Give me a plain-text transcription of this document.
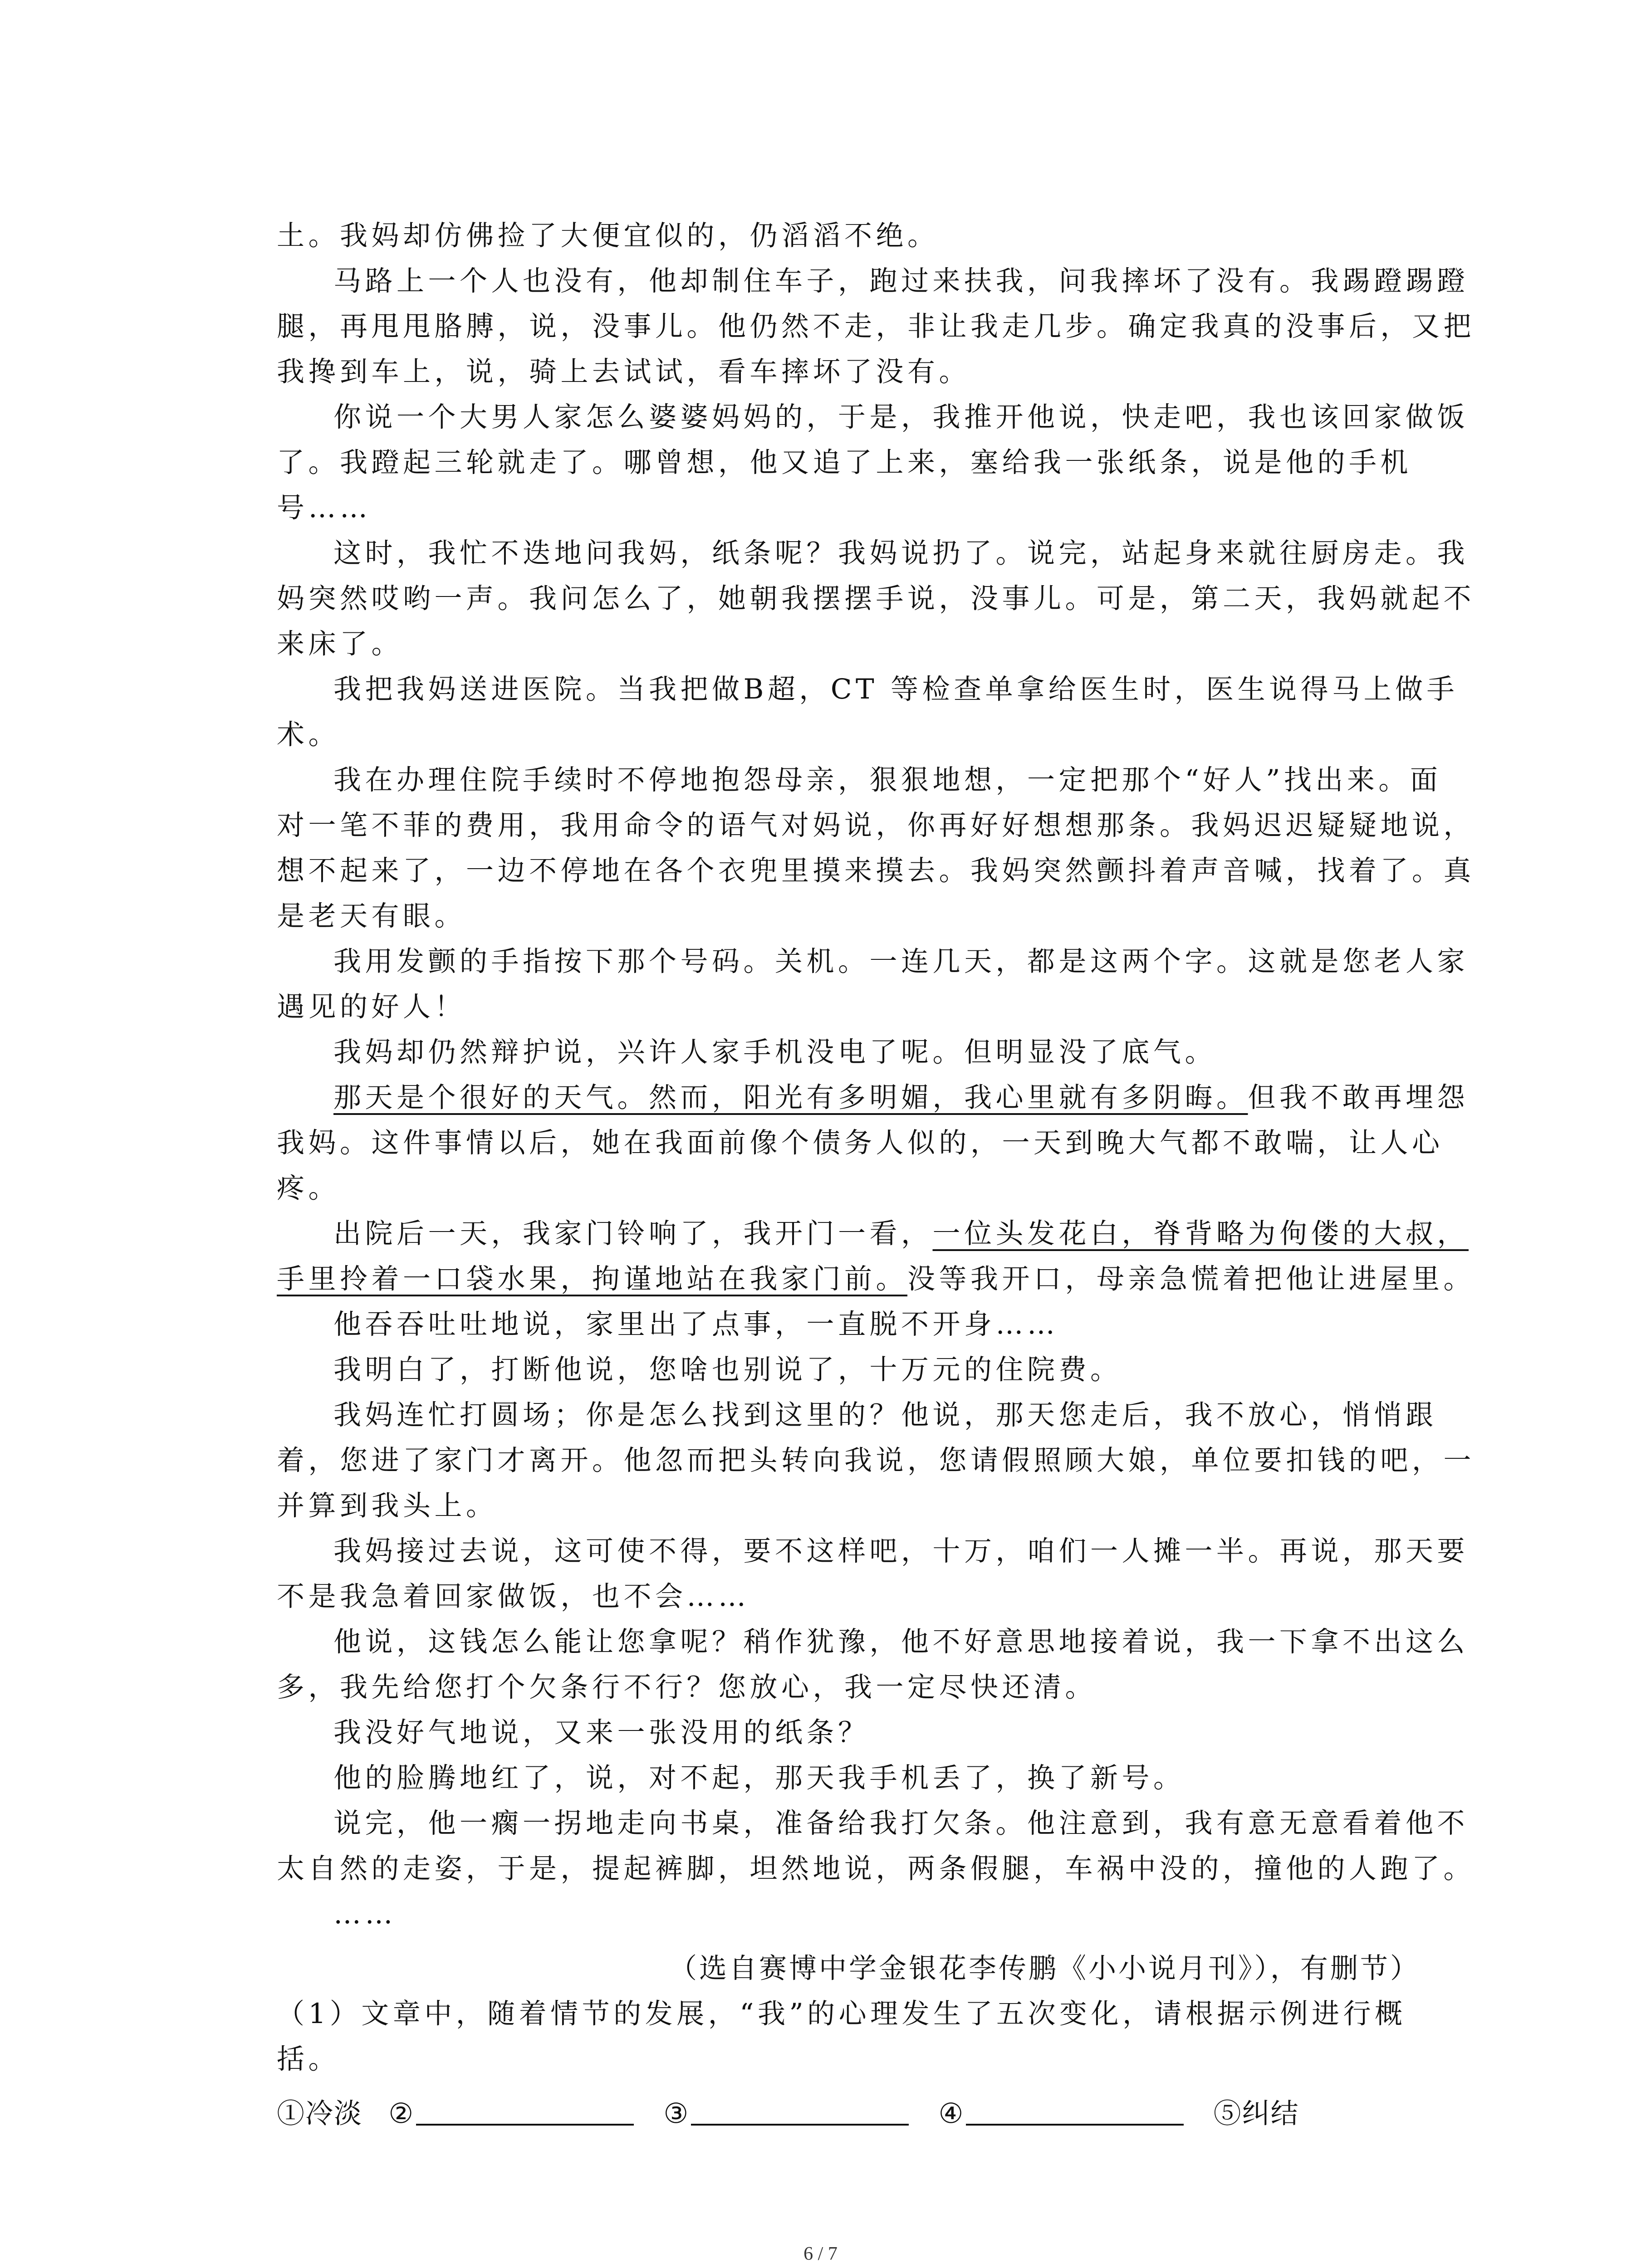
土。我妈却仿佛捡了大便宜似的，仍滔滔不绝。
马路上一个人也没有，他却制住车子，跑过来扶我，问我摔坏了没有。我踢蹬踢蹬
腿，再甩甩胳膊，说，没事儿。他仍然不走，非让我走几步。确定我真的没事后，又把
我搀到车上，说，骑上去试试，看车摔坏了没有。
你说一个大男人家怎么婆婆妈妈的，于是，我推开他说，快走吧，我也该回家做饭
了。我蹬起三轮就走了。哪曾想，他又追了上来，塞给我一张纸条，说是他的手机
号……
这时，我忙不迭地问我妈，纸条呢？我妈说扔了。说完，站起身来就往厨房走。我
妈突然哎哟一声。我问怎么了，她朝我摆摆手说，没事儿。可是，第二天，我妈就起不
来床了。
我把我妈送进医院。当我把做B超，CT 等检查单拿给医生时，医生说得马上做手
术。
我在办理住院手续时不停地抱怨母亲，狠狠地想，一定把那个“好人”找出来。面
对一笔不菲的费用，我用命令的语气对妈说，你再好好想想那条。我妈迟迟疑疑地说，
想不起来了，一边不停地在各个衣兜里摸来摸去。我妈突然颤抖着声音喊，找着了。真
是老天有眼。
我用发颤的手指按下那个号码。关机。一连几天，都是这两个字。这就是您老人家
遇见的好人！
我妈却仍然辩护说，兴许人家手机没电了呢。但明显没了底气。
那天是个很好的天气。然而，阳光有多明媚，我心里就有多阴晦。但我不敢再埋怨
我妈。这件事情以后，她在我面前像个债务人似的，一天到晚大气都不敢喘，让人心
疼。
出院后一天，我家门铃响了，我开门一看，一位头发花白，脊背略为佝偻的大叔，
手里拎着一口袋水果，拘谨地站在我家门前。没等我开口，母亲急慌着把他让进屋里。
他吞吞吐吐地说，家里出了点事，一直脱不开身……
我明白了，打断他说，您啥也别说了，十万元的住院费。
我妈连忙打圆场；你是怎么找到这里的？他说，那天您走后，我不放心，悄悄跟
着，您进了家门才离开。他忽而把头转向我说，您请假照顾大娘，单位要扣钱的吧，一
并算到我头上。
我妈接过去说，这可使不得，要不这样吧，十万，咱们一人摊一半。再说，那天要
不是我急着回家做饭，也不会……
他说，这钱怎么能让您拿呢？稍作犹豫，他不好意思地接着说，我一下拿不出这么
多，我先给您打个欠条行不行？您放心，我一定尽快还清。
我没好气地说，又来一张没用的纸条？
他的脸腾地红了，说，对不起，那天我手机丢了，换了新号。
说完，他一瘸一拐地走向书桌，准备给我打欠条。他注意到，我有意无意看着他不
太自然的走姿，于是，提起裤脚，坦然地说，两条假腿，车祸中没的，撞他的人跑了。
……
（选自赛博中学金银花李传鹏《小小说月刊》），有删节）
（1）文章中，随着情节的发展，“我”的心理发生了五次变化，请根据示例进行概
括。
①冷淡 ②	③	④	⑤纠结
6 / 7
